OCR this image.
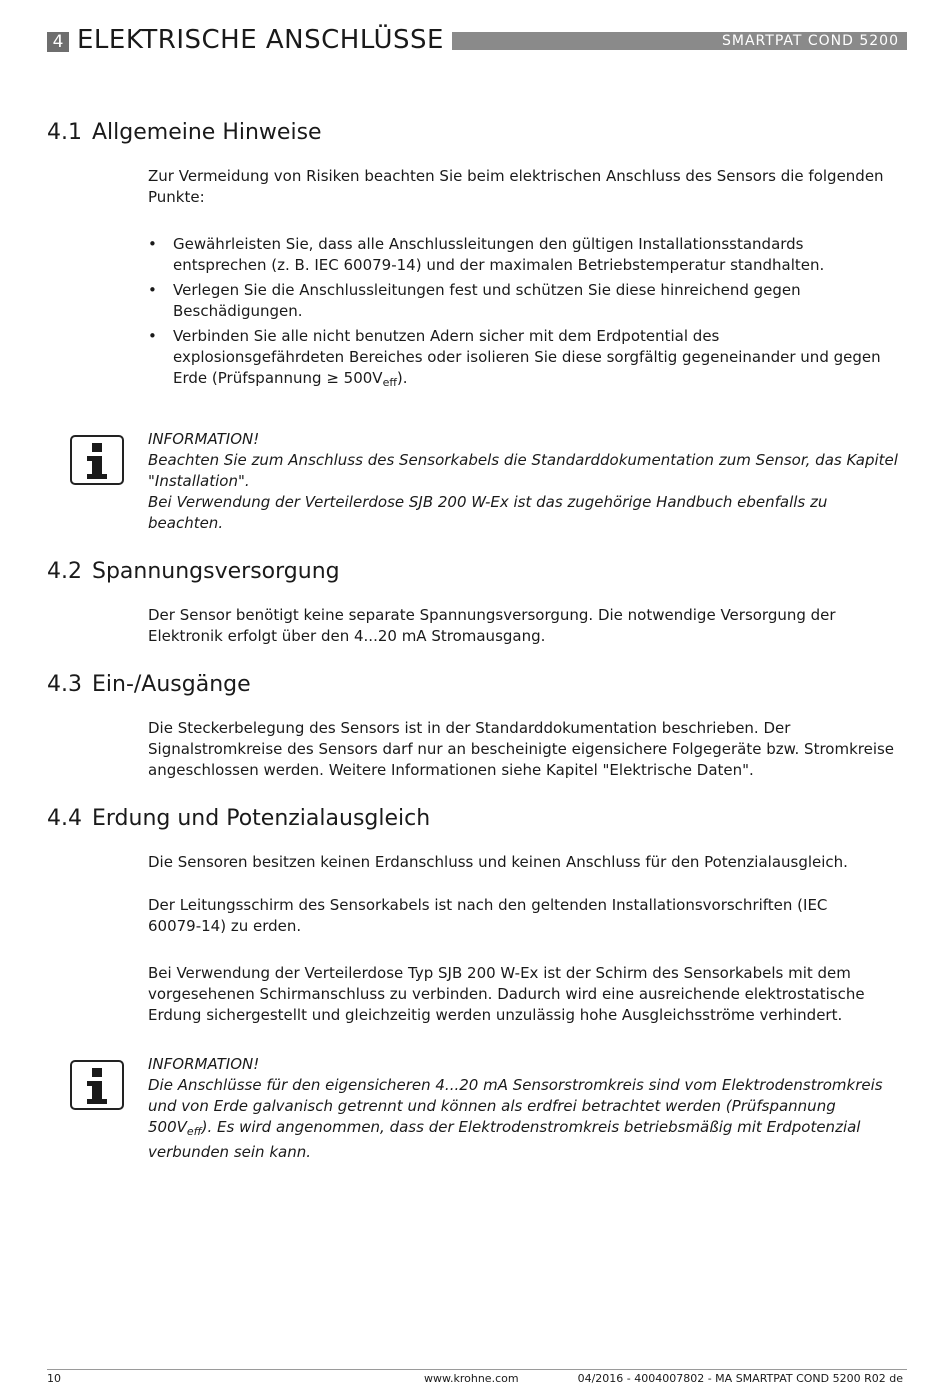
4 ELEKTRISCHE ANSCHLÜSSE	SMARTPAT COND 5200
4.1 Allgemeine Hinweise

Zur Vermeidung von Risiken beachten Sie beim elektrischen Anschluss des Sensors die folgenden Punkte:

• Gewährleisten Sie, dass alle Anschlussleitungen den gültigen Installationsstandards entsprechen (z. B. IEC 60079-14) und der maximalen Betriebstemperatur standhalten.
• Verlegen Sie die Anschlussleitungen fest und schützen Sie diese hinreichend gegen Beschädigungen.
• Verbinden Sie alle nicht benutzen Adern sicher mit dem Erdpotential des explosionsgefährdeten Bereiches oder isolieren Sie diese sorgfältig gegeneinander und gegen Erde (Prüfspannung ≥ $500V_{eff}$).
INFORMATION!
Beachten Sie zum Anschluss des Sensorkabels die Standarddokumentation zum Sensor, das Kapitel "Installation".
Bei Verwendung der Verteilerdose SJB 200 W-Ex ist das zugehörige Handbuch ebenfalls zu beachten.
4.2 Spannungsversorgung

Der Sensor benötigt keine separate Spannungsversorgung. Die notwendige Versorgung der Elektronik erfolgt über den 4...20 mA Stromausgang.

4.3 Ein-/Ausgänge

Die Steckerbelegung des Sensors ist in der Standarddokumentation beschrieben. Der Signalstromkreise des Sensors darf nur an bescheinigte eigensichere Folgegeräte bzw. Stromkreise angeschlossen werden. Weitere Informationen siehe Kapitel "Elektrische Daten".

4.4 Erdung und Potenzialausgleich

Die Sensoren besitzen keinen Erdanschluss und keinen Anschluss für den Potenzialausgleich.

Der Leitungsschirm des Sensorkabels ist nach den geltenden Installationsvorschriften (IEC 60079-14) zu erden.

Bei Verwendung der Verteilerdose Typ SJB 200 W-Ex ist der Schirm des Sensorkabels mit dem vorgesehenen Schirmanschluss zu verbinden. Dadurch wird eine ausreichende elektrostatische Erdung sichergestellt und gleichzeitig werden unzulässig hohe Ausgleichsströme verhindert.

INFORMATION!
Die Anschlüsse für den eigensicheren 4...20 mA Sensorstromkreis sind vom Elektrodenstromkreis und von Erde galvanisch getrennt und können als erdfrei betrachtet werden (Prüfspannung $500V_{eff}$). Es wird angenommen, dass der Elektrodenstromkreis betriebsmäßig mit Erdpotenzial verbunden sein kann.
10	www.krohne.com	04/2016 - 4004007802 - MA SMARTPAT COND 5200 R02 de
